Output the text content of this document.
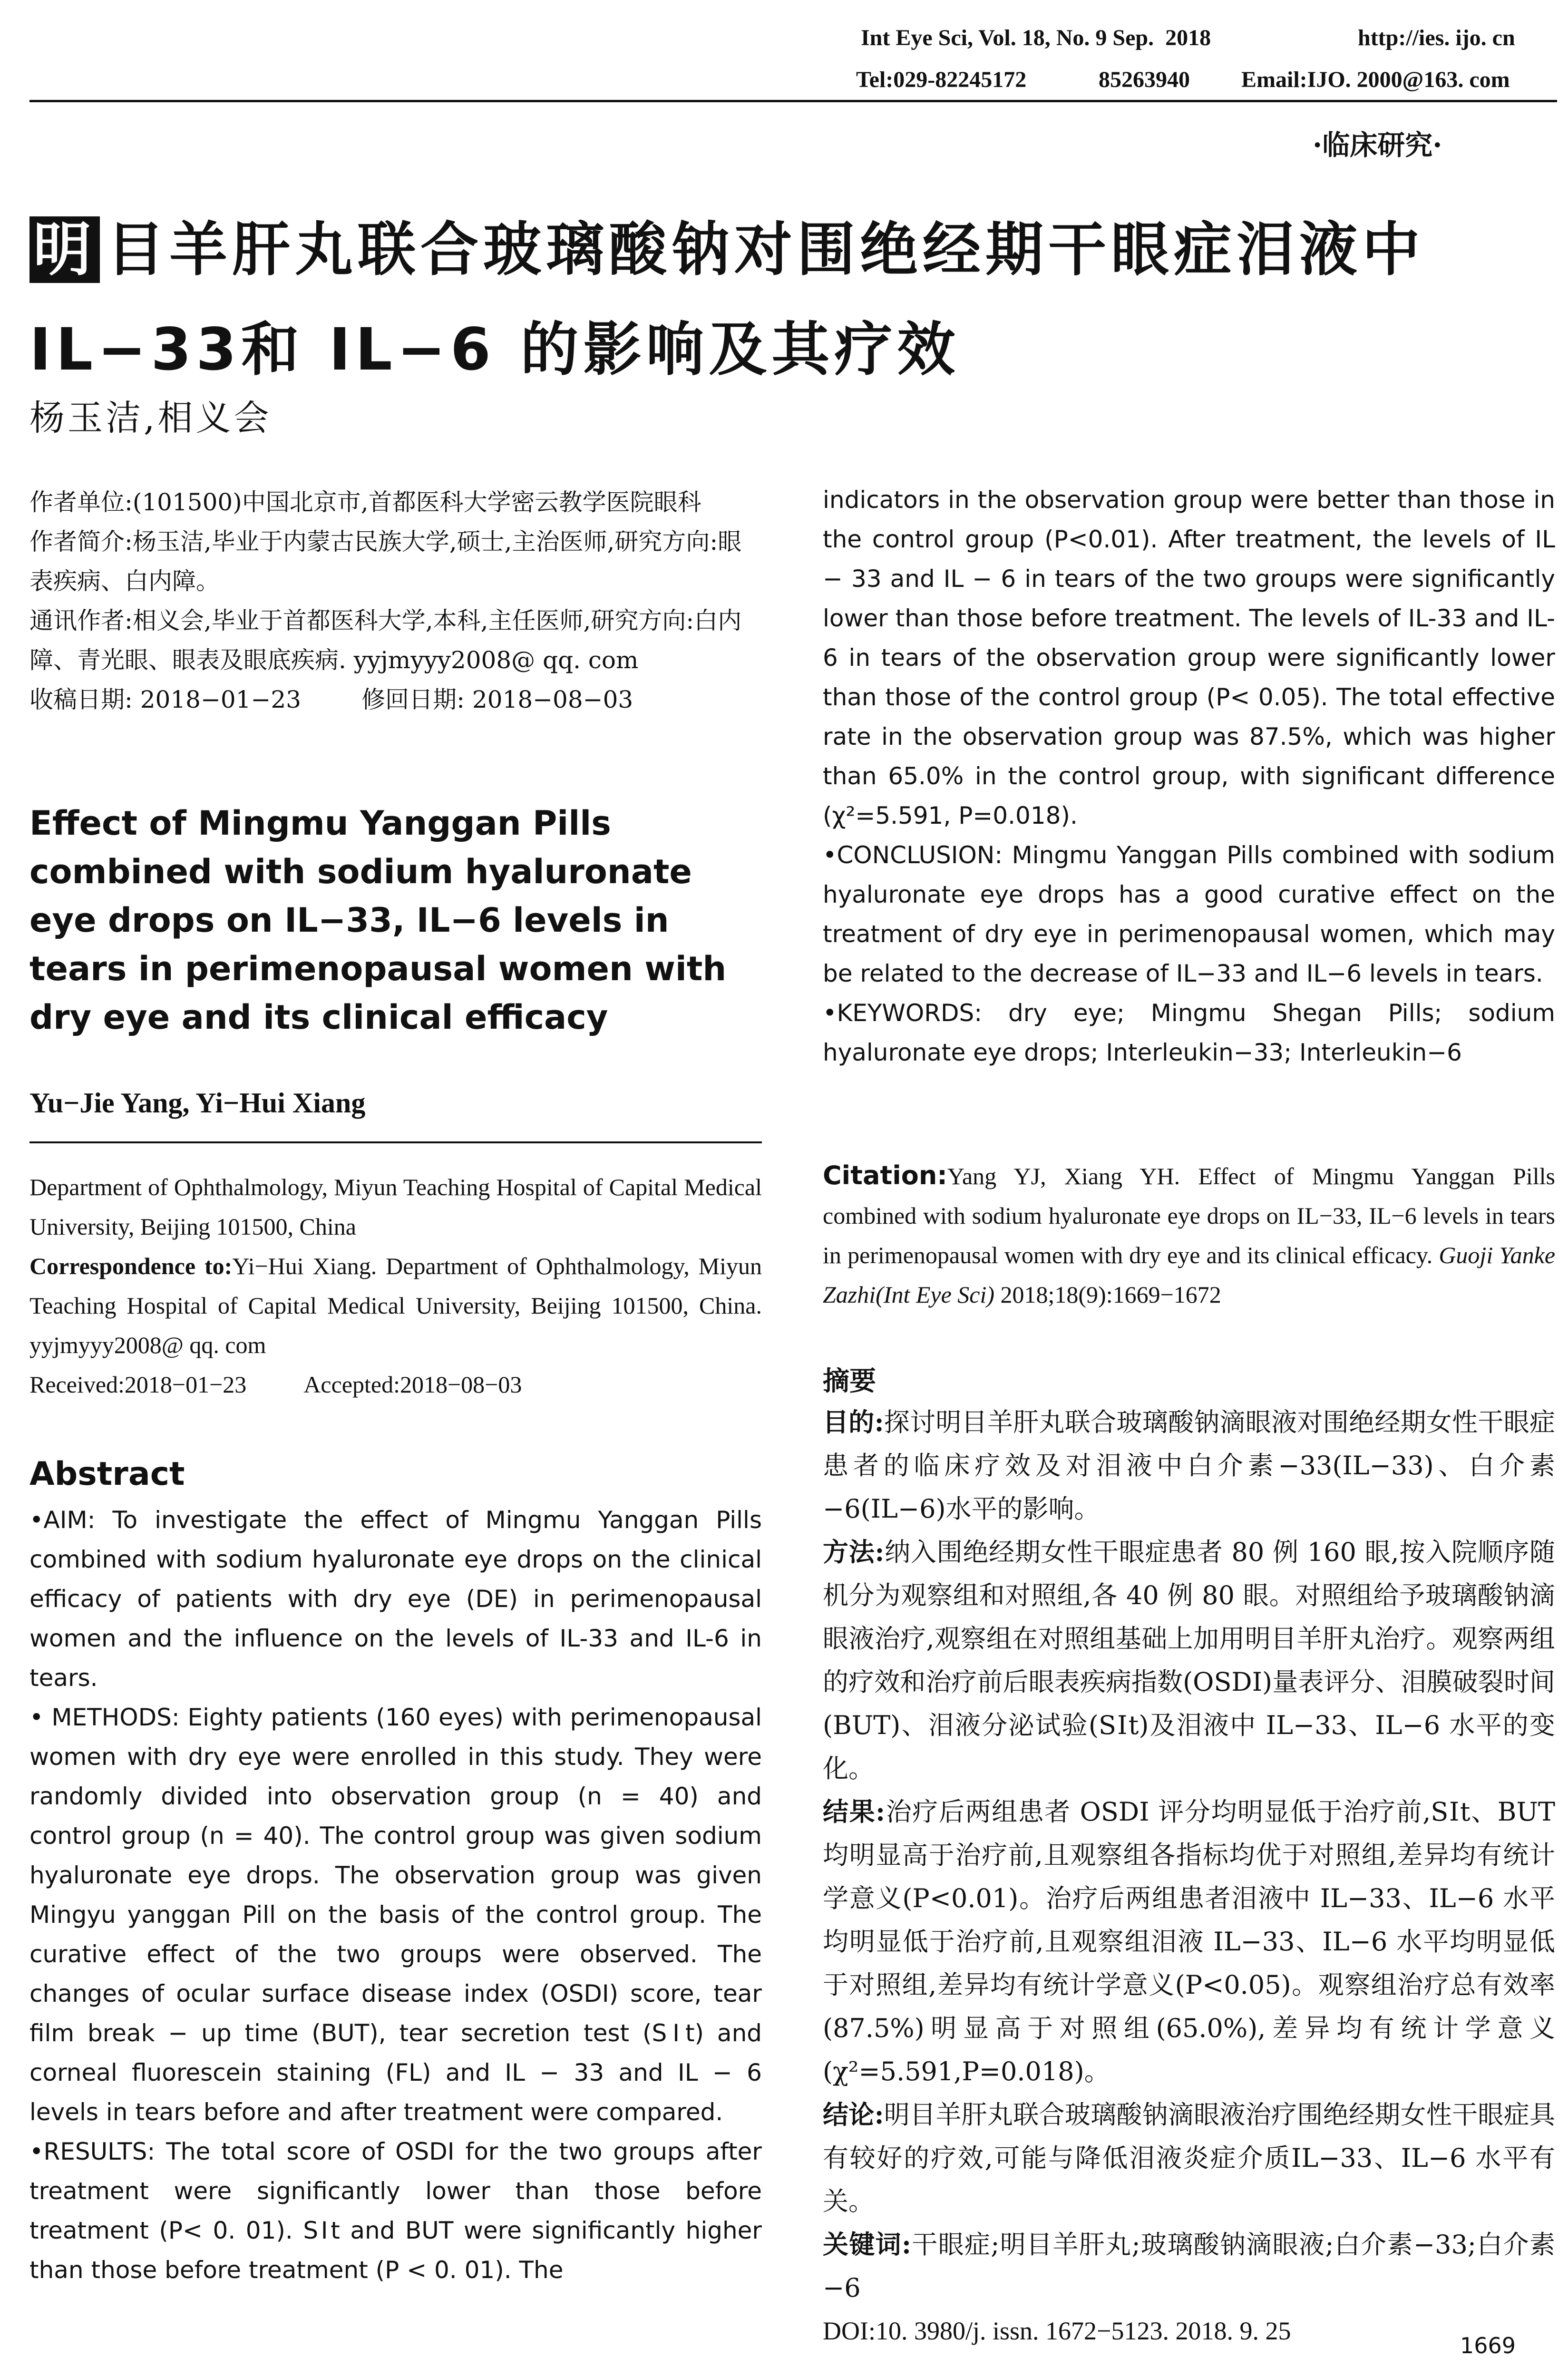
Int Eye Sci, Vol. 18, No. 9 Sep.  2018	http://ies. ijo. cn
Tel:029-82245172	85263940 Email:IJO. 2000@163. com
·临床研究·
明 目羊肝丸联合玻璃酸钠对围绝经期干眼症泪液中
IL−33和 IL−6 的影响及其疗效
杨玉洁,相义会

作者单位:(101500)中国北京市,首都医科大学密云教学医院眼科

作者简介:杨玉洁,毕业于内蒙古民族大学,硕士,主治医师,研究方向:眼表疾病、白内障。

通讯作者:相义会,毕业于首都医科大学,本科,主任医师,研究方向:白内障、青光眼、眼表及眼底疾病. yyjmyyy2008@ qq. com

收稿日期: 2018−01−23        修回日期: 2018−08−03

Effect of Mingmu Yanggan Pills combined with sodium hyaluronate eye drops on IL−33, IL−6 levels in tears in perimenopausal women with dry eye and its clinical efficacy
Yu−Jie Yang, Yi−Hui Xiang

Department of Ophthalmology, Miyun Teaching Hospital of Capital Medical University, Beijing 101500, China

Correspondence to:Yi−Hui Xiang. Department of Ophthalmology, Miyun Teaching Hospital of Capital Medical University, Beijing 101500, China. yyjmyyy2008@ qq. com

Received:2018−01−23 Accepted:2018−08−03

Abstract

•AIM: To investigate the effect of Mingmu Yanggan Pills combined with sodium hyaluronate eye drops on the clinical efficacy of patients with dry eye (DE) in perimenopausal women and the influence on the levels of IL-33 and IL-6 in tears.

• METHODS: Eighty patients (160 eyes) with perimenopausal women with dry eye were enrolled in this study. They were randomly divided into observation group (n = 40) and control group (n = 40). The control group was given sodium hyaluronate eye drops. The observation group was given Mingyu yanggan Pill on the basis of the control group. The curative effect of the two groups were observed. The changes of ocular surface disease index (OSDI) score, tear film break − up time (BUT), tear secretion test (SⅠt) and corneal fluorescein staining (FL) and IL − 33 and IL − 6 levels in tears before and after treatment were compared.

•RESULTS: The total score of OSDI for the two groups after treatment were significantly lower than those before treatment (P< 0. 01). SⅠt and BUT were significantly higher than those before treatment (P < 0. 01). The

indicators in the observation group were better than those in the control group (P<0.01). After treatment, the levels of IL − 33 and IL − 6 in tears of the two groups were significantly lower than those before treatment. The levels of IL-33 and IL-6 in tears of the observation group were significantly lower than those of the control group (P< 0.05). The total effective rate in the observation group was 87.5%, which was higher than 65.0% in the control group, with significant difference (χ²=5.591, P=0.018).

•CONCLUSION: Mingmu Yanggan Pills combined with sodium hyaluronate eye drops has a good curative effect on the treatment of dry eye in perimenopausal women, which may be related to the decrease of IL−33 and IL−6 levels in tears.

•KEYWORDS: dry eye; Mingmu Shegan Pills; sodium hyaluronate eye drops; Interleukin−33; Interleukin−6

Citation:Yang YJ, Xiang YH. Effect of Mingmu Yanggan Pills combined with sodium hyaluronate eye drops on IL−33, IL−6 levels in tears in perimenopausal women with dry eye and its clinical efficacy. Guoji Yanke Zazhi(Int Eye Sci) 2018;18(9):1669−1672
摘要

目的:探讨明目羊肝丸联合玻璃酸钠滴眼液对围绝经期女性干眼症患者的临床疗效及对泪液中白介素−33(IL−33)、白介素−6(IL−6)水平的影响。

方法:纳入围绝经期女性干眼症患者 80 例 160 眼,按入院顺序随机分为观察组和对照组,各 40 例 80 眼。对照组给予玻璃酸钠滴眼液治疗,观察组在对照组基础上加用明目羊肝丸治疗。观察两组的疗效和治疗前后眼表疾病指数(OSDI)量表评分、泪膜破裂时间(BUT)、泪液分泌试验(SⅠt)及泪液中 IL−33、IL−6 水平的变化。

结果:治疗后两组患者 OSDI 评分均明显低于治疗前,SⅠt、BUT 均明显高于治疗前,且观察组各指标均优于对照组,差异均有统计学意义(P<0.01)。治疗后两组患者泪液中 IL−33、IL−6 水平均明显低于治疗前,且观察组泪液 IL−33、IL−6 水平均明显低于对照组,差异均有统计学意义(P<0.05)。观察组治疗总有效率(87.5%)明显高于对照组(65.0%),差异均有统计学意义(χ²=5.591,P=0.018)。

结论:明目羊肝丸联合玻璃酸钠滴眼液治疗围绝经期女性干眼症具有较好的疗效,可能与降低泪液炎症介质IL−33、IL−6 水平有关。

关键词:干眼症;明目羊肝丸;玻璃酸钠滴眼液;白介素−33;白介素−6

DOI:10. 3980/j. issn. 1672−5123. 2018. 9. 25

1669
